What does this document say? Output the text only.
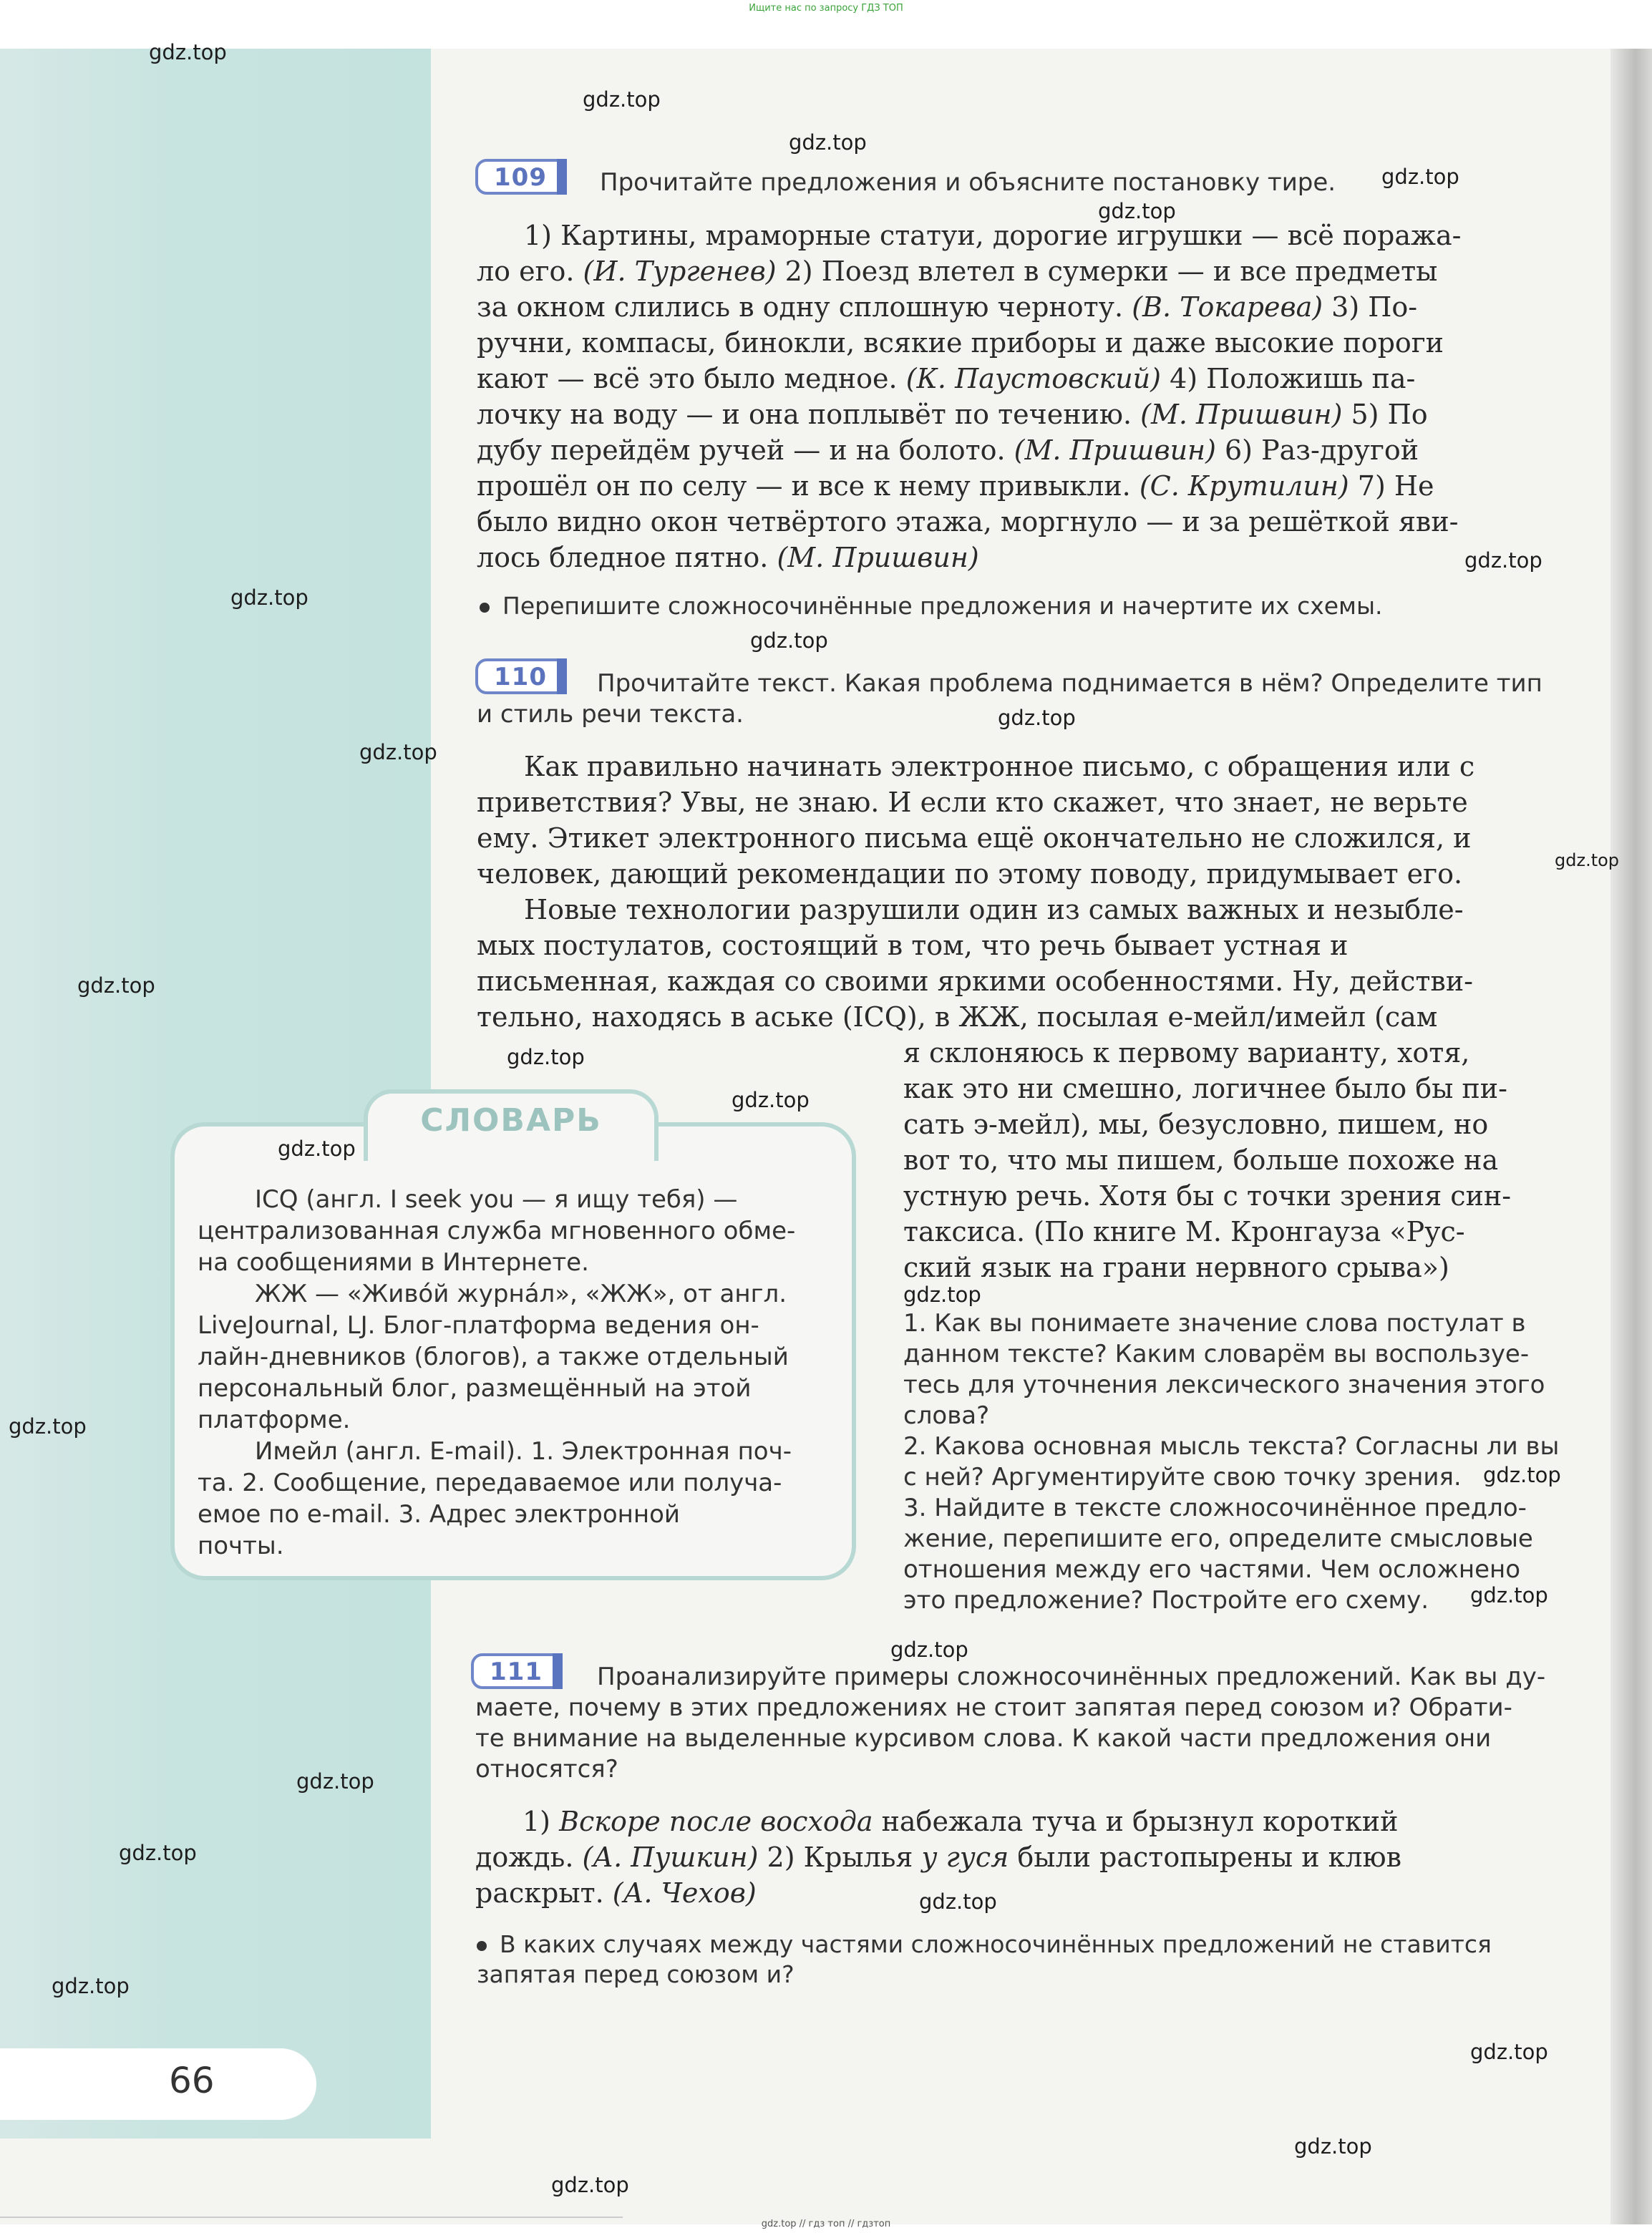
Ищите нас по запросу ГДЗ ТОП
109 Прочитайте предложения и объясните постановку тире.
1) Картины, мраморные статуи, дорогие игрушки — всё поража-
ло его. (И. Тургенев) 2) Поезд влетел в сумерки — и все предметы
за окном слились в одну сплошную черноту. (В. Токарева) 3) По-
ручни, компасы, бинокли, всякие приборы и даже высокие пороги
кают — всё это было медное. (К. Паустовский) 4) Положишь па-
лочку на воду — и она поплывёт по течению. (М. Пришвин) 5) По
дубу перейдём ручей — и на болото. (М. Пришвин) 6) Раз-другой
прошёл он по селу — и все к нему привыкли. (С. Крутилин) 7) Не
было видно окон четвёртого этажа, моргнуло — и за решёткой яви-
лось бледное пятно. (М. Пришвин)
Перепишите сложносочинённые предложения и начертите их схемы.
110 Прочитайте текст. Какая проблема поднимается в нём? Определите тип
и стиль речи текста.
Как правильно начинать электронное письмо, с обращения или с
приветствия? Увы, не знаю. И если кто скажет, что знает, не верьте
ему. Этикет электронного письма ещё окончательно не сложился, и
человек, дающий рекомендации по этому поводу, придумывает его.
Новые технологии разрушили один из самых важных и незыбле-
мых постулатов, состоящий в том, что речь бывает устная и
письменная, каждая со своими яркими особенностями. Ну, действи-
тельно, находясь в аське (ICQ), в ЖЖ, посылая е-мейл/имейл (сам
я склоняюсь к первому варианту, хотя,
как это ни смешно, логичнее было бы пи-
сать э-мейл), мы, безусловно, пишем, но
вот то, что мы пишем, больше похоже на
устную речь. Хотя бы с точки зрения син-
таксиса. (По книге М. Кронгауза «Рус-
ский язык на грани нервного срыва»)
1. Как вы понимаете значение слова постулат в
данном тексте? Каким словарём вы воспользуе-
тесь для уточнения лексического значения этого
слова?
2. Какова основная мысль текста? Согласны ли вы
с ней? Аргументируйте свою точку зрения.
3. Найдите в тексте сложносочинённое предло-
жение, перепишите его, определите смысловые
отношения между его частями. Чем осложнено
это предложение? Постройте его схему.
СЛОВАРЬ
ICQ (англ. I seek you — я ищу тебя) —
централизованная служба мгновенного обме-
на сообщениями в Интернете.
ЖЖ — «Живо́й журна́л», «ЖЖ», от англ.
LiveJournal, LJ. Блог-платформа ведения он-
лайн-дневников (блогов), а также отдельный
персональный блог, размещённый на этой
платформе.
Имейл (англ. E-mail). 1. Электронная поч-
та. 2. Сообщение, передаваемое или получа-
емое по e-mail. 3. Адрес электронной
почты.
111 Проанализируйте примеры сложносочинённых предложений. Как вы ду-
маете, почему в этих предложениях не стоит запятая перед союзом и? Обрати-
те внимание на выделенные курсивом слова. К какой части предложения они
относятся?
1) Вскоре после восхода набежала туча и брызнул короткий
дождь. (А. Пушкин) 2) Крылья у гуся были растопырены и клюв
раскрыт. (А. Чехов)
В каких случаях между частями сложносочинённых предложений не ставится
запятая перед союзом и?
66
gdz.top
gdz.top
gdz.top
gdz.top
gdz.top
gdz.top
gdz.top
gdz.top
gdz.top
gdz.top
gdz.top
gdz.top
gdz.top
gdz.top
gdz.top
gdz.top
gdz.top
gdz.top
gdz.top
gdz.top
gdz.top
gdz.top
gdz.top
gdz.top
gdz.top
gdz.top
gdz.top
gdz.top // гдз топ // гдзтоп
